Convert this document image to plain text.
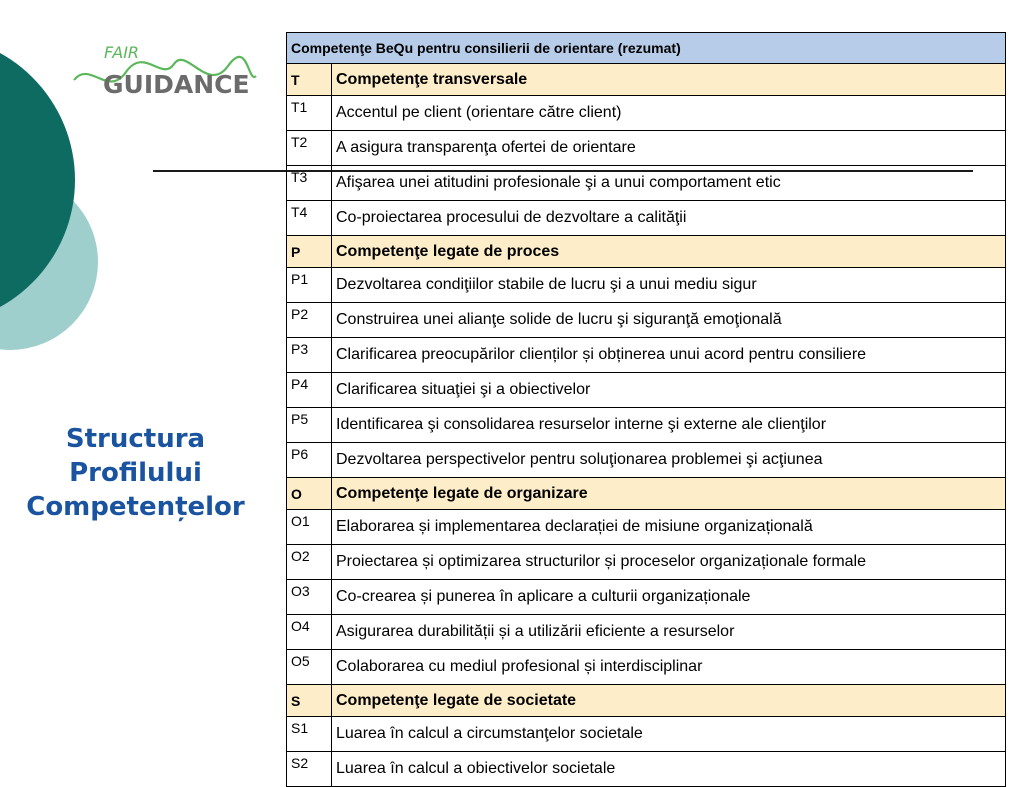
FAIR
GUIDANCE
Structura
Profilului
Competențelor
Competenţe BeQu pentru consilierii de orientare (rezumat)	
T	Competenţe transversale
T1	Accentul pe client (orientare către client)
T2	A asigura transparenţa ofertei de orientare
T3	Afişarea unei atitudini profesionale şi a unui comportament etic
T4	Co-proiectarea procesului de dezvoltare a calităţii
P	Competenţe legate de proces
P1	Dezvoltarea condiţiilor stabile de lucru şi a unui mediu sigur
P2	Construirea unei alianţe solide de lucru şi siguranţă emoţională
P3	Clarificarea preocupărilor clienților și obținerea unui acord pentru consiliere
P4	Clarificarea situaţiei şi a obiectivelor
P5	Identificarea şi consolidarea resurselor interne şi externe ale clienţilor
P6	Dezvoltarea perspectivelor pentru soluţionarea problemei şi acţiunea
O	Competenţe legate de organizare
O1	Elaborarea și implementarea declarației de misiune organizațională
O2	Proiectarea și optimizarea structurilor și proceselor organizaționale formale
O3	Co-crearea și punerea în aplicare a culturii organizaționale
O4	Asigurarea durabilității și a utilizării eficiente a resurselor
O5	Colaborarea cu mediul profesional și interdisciplinar
S	Competenţe legate de societate
S1	Luarea în calcul a circumstanţelor societale
S2	Luarea în calcul a obiectivelor societale
